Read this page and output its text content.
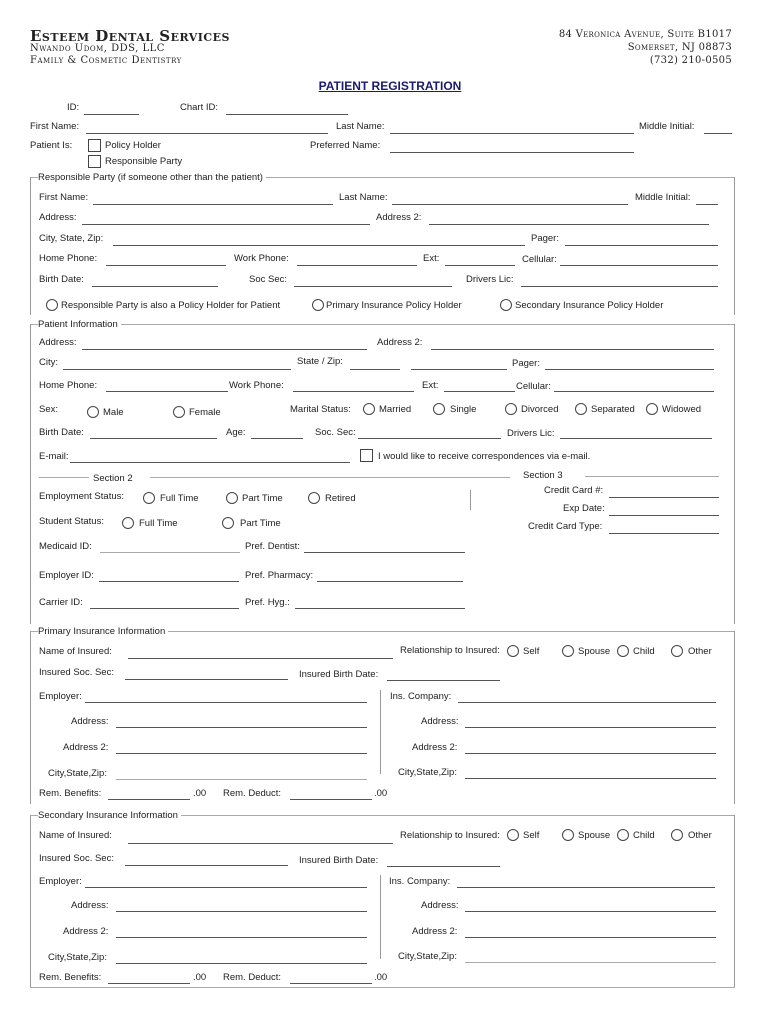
Esteem Dental Services
Nwando Udom, DDS, LLC
Family & Cosmetic Dentistry
84 Veronica Avenue, Suite B1017
Somerset, NJ 08873
(732) 210-0505
PATIENT REGISTRATION
ID:	Chart ID:
First Name:	Last Name:	Middle Initial:
Patient Is:	Policy Holder
Responsible Party
Preferred Name:
Responsible Party (if someone other than the patient)
First Name:	Last Name:	Middle Initial:
Address:	Address 2:
City, State, Zip:	Pager:
Home Phone:	Work Phone:	Ext:	Cellular:
Birth Date:	Soc Sec:	Drivers Lic:
Responsible Party is also a Policy Holder for Patient	Primary Insurance Policy Holder	Secondary Insurance Policy Holder
Patient Information
Address:	Address 2:
City:	State / Zip:	Pager:
Home Phone:	Work Phone:	Ext:	Cellular:
Sex:	Male	Female	Marital Status:	Married	Single	Divorced	Separated	Widowed
Birth Date:	Age:	Soc. Sec:	Drivers Lic:
E-mail:	I would like to receive correspondences via e-mail.
Section 2	Section 3
Employment Status:	Full Time	Part Time	Retired
Student Status:	Full Time	Part Time
Credit Card #:
Exp Date:
Credit Card Type:
Medicaid ID:	Pref. Dentist:
Employer ID:	Pref. Pharmacy:
Carrier ID:	Pref. Hyg.:
Primary Insurance Information
Name of Insured:	Relationship to Insured: Self	Spouse Child	Other
Insured Soc. Sec:	Insured Birth Date:
Employer:	Ins. Company:
Address:	Address:
Address 2:	Address 2:
City,State,Zip:	City,State,Zip:
Rem. Benefits:	.00 Rem. Deduct:	.00
Secondary Insurance Information
Name of Insured:	Relationship to Insured: Self	Spouse Child	Other
Insured Soc. Sec:	Insured Birth Date:
Employer:	Ins. Company:
Address:	Address:
Address 2:	Address 2:
City,State,Zip:	City,State,Zip:
Rem. Benefits:	.00 Rem. Deduct:	.00
